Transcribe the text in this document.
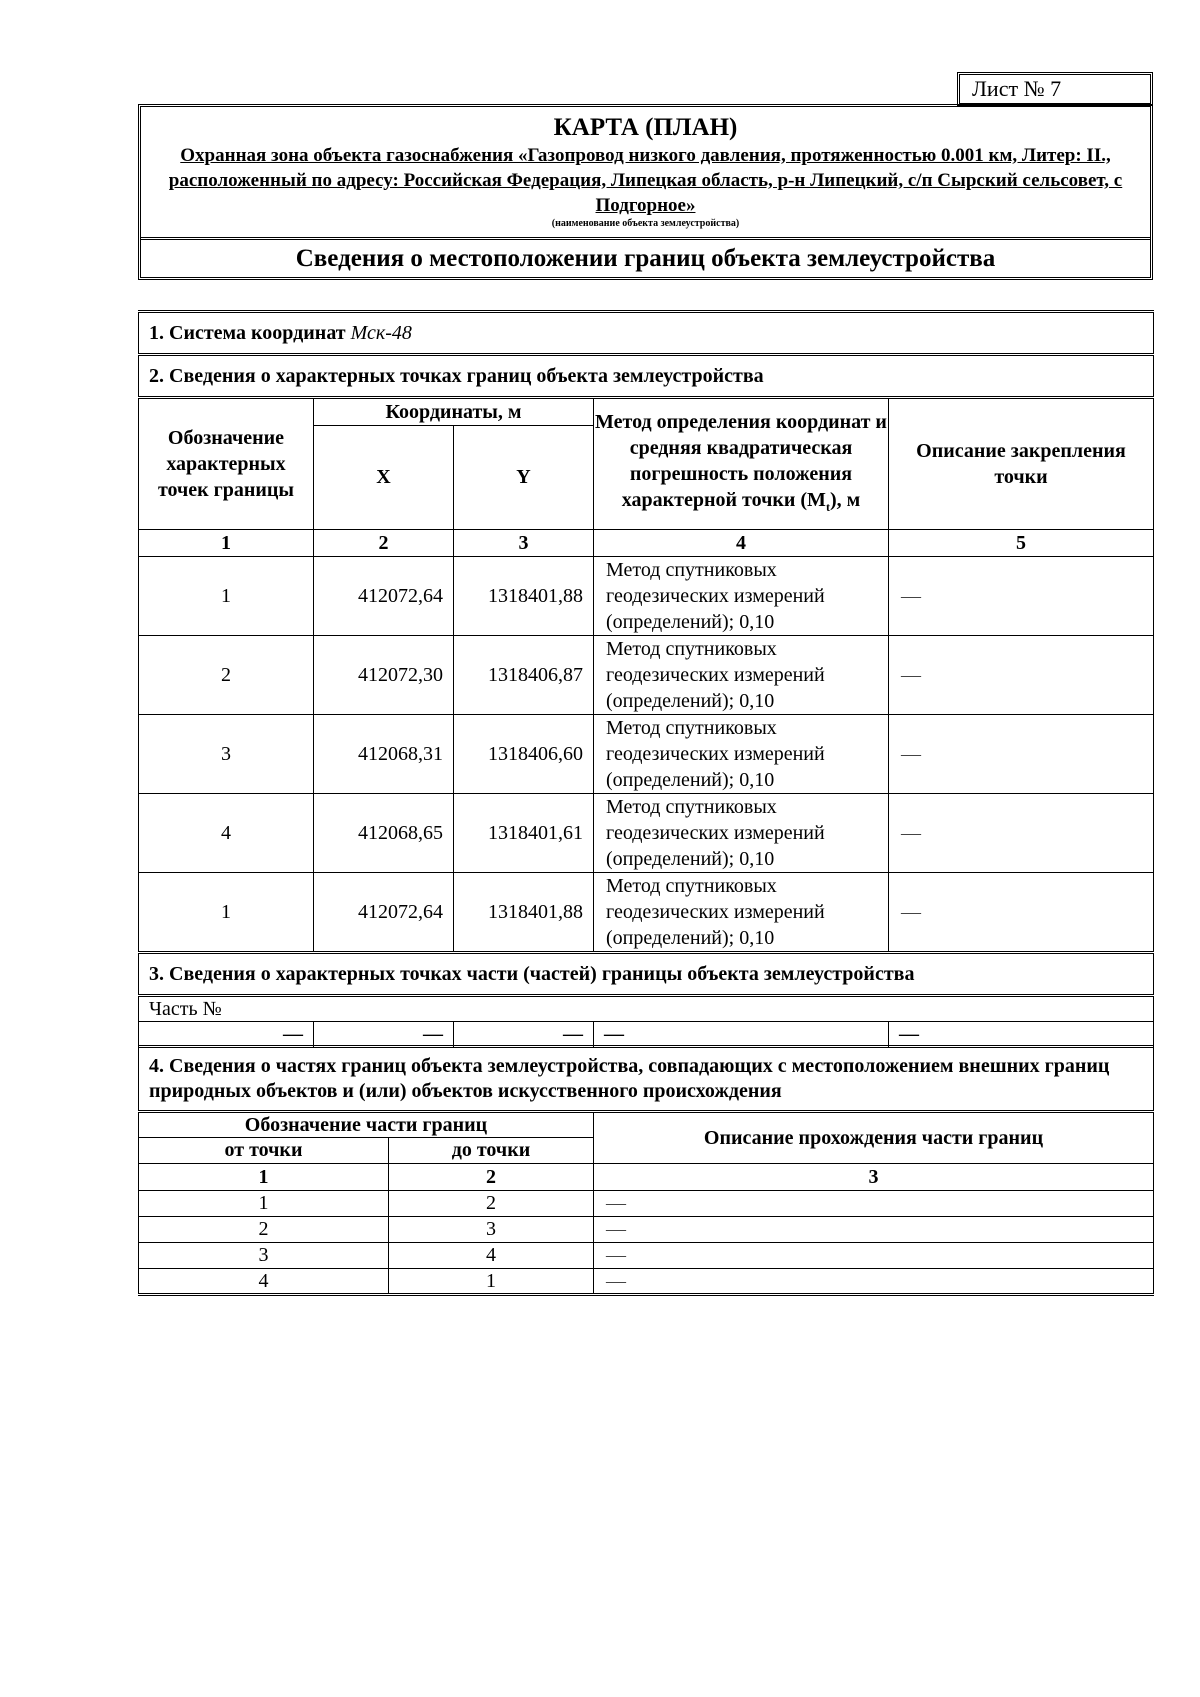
Лист № 7
КАРТА (ПЛАН)
Охранная зона объекта газоснабжения «Газопровод низкого давления, протяженностью 0.001 км, Литер: II., расположенный по адресу: Российская Федерация, Липецкая область, р-н Липецкий, с/п Сырский сельсовет, с Подгорное»
(наименование объекта землеустройства)
Сведения о местоположении границ объекта землеустройства
1. Система координат Мск-48				
2. Сведения о характерных точках границ объекта землеустройства				
Обозначение характерных точек границы	Координаты, м		Метод определения координат и средняя квадратическая погрешность положения характерной точки $(M_t)$, м	Описание закрепления точки
	X	Y		
1	2	3	4	5
1	412072,64	1318401,88	Метод спутниковых геодезических измерений (определений); 0,10	—
2	412072,30	1318406,87	Метод спутниковых геодезических измерений (определений); 0,10	—
3	412068,31	1318406,60	Метод спутниковых геодезических измерений (определений); 0,10	—
4	412068,65	1318401,61	Метод спутниковых геодезических измерений (определений); 0,10	—
1	412072,64	1318401,88	Метод спутниковых геодезических измерений (определений); 0,10	—
3. Сведения о характерных точках части (частей) границы объекта землеустройства				
Часть №				
—	—	—	—	—
4. Сведения о частях границ объекта землеустройства, совпадающих с местоположением внешних границ природных объектов и (или) объектов искусственного происхождения		
Обозначение части границ		Описание прохождения части границ
от точки	до точки	
1	2	3
1	2	—
2	3	—
3	4	—
4	1	—
